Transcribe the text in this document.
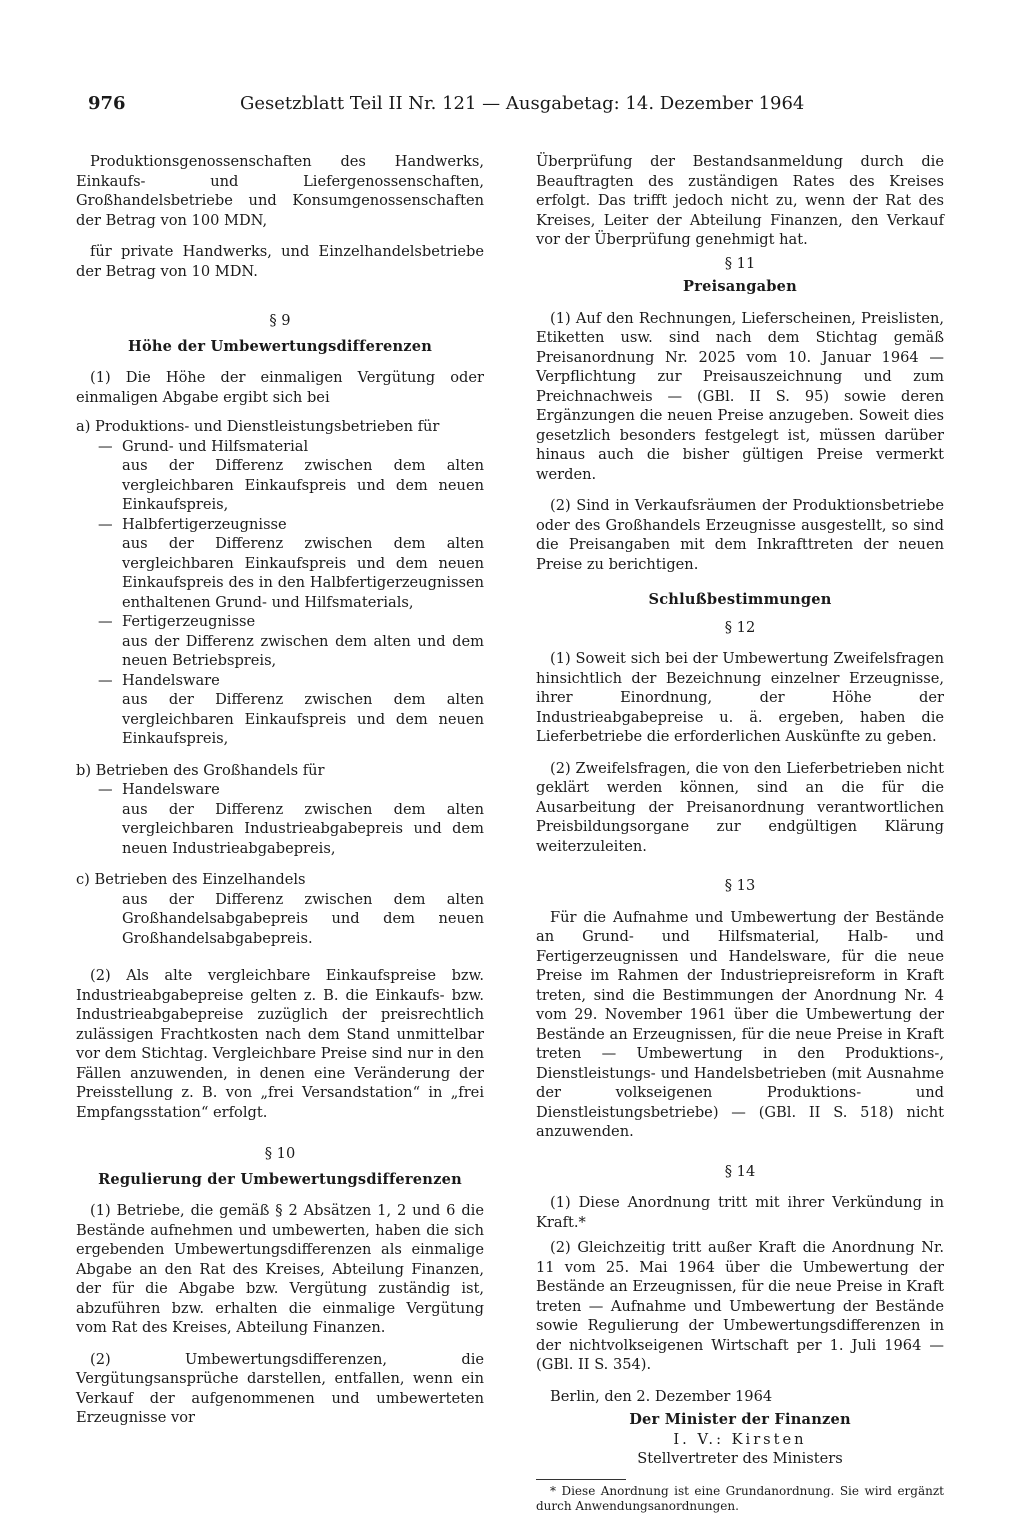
976	Gesetzblatt Teil II Nr. 121 — Ausgabetag: 14. Dezember 1964

Produktionsgenossenschaften des Handwerks, Einkaufs- und Liefergenossenschaften, Großhandelsbetriebe und Konsumgenossenschaften der Betrag von 100 MDN,

für private Handwerks, und Einzelhandelsbetriebe der Betrag von 10 MDN.

§ 9

Höhe der Umbewertungsdifferenzen

(1) Die Höhe der einmaligen Vergütung oder einmaligen Abgabe ergibt sich bei

a) Produktions- und Dienstleistungsbetrieben für
— Grund- und Hilfsmaterial
aus der Differenz zwischen dem alten vergleichbaren Einkaufspreis und dem neuen Einkaufspreis,
— Halbfertigerzeugnisse
aus der Differenz zwischen dem alten vergleichbaren Einkaufspreis und dem neuen Einkaufspreis des in den Halbfertigerzeugnissen enthaltenen Grund- und Hilfsmaterials,
— Fertigerzeugnisse
aus der Differenz zwischen dem alten und dem neuen Betriebspreis,
— Handelsware
aus der Differenz zwischen dem alten vergleichbaren Einkaufspreis und dem neuen Einkaufspreis,
b) Betrieben des Großhandels für
— Handelsware
aus der Differenz zwischen dem alten vergleichbaren Industrieabgabepreis und dem neuen Industrieabgabepreis,
c) Betrieben des Einzelhandels

aus der Differenz zwischen dem alten Großhandelsabgabepreis und dem neuen Großhandelsabgabepreis.

(2) Als alte vergleichbare Einkaufspreise bzw. Industrieabgabepreise gelten z. B. die Einkaufs- bzw. Industrieabgabepreise zuzüglich der preisrechtlich zulässigen Frachtkosten nach dem Stand unmittelbar vor dem Stichtag. Vergleichbare Preise sind nur in den Fällen anzuwenden, in denen eine Veränderung der Preisstellung z. B. von „frei Versandstation“ in „frei Empfangsstation“ erfolgt.

§ 10

Regulierung der Umbewertungsdifferenzen

(1) Betriebe, die gemäß § 2 Absätzen 1, 2 und 6 die Bestände aufnehmen und umbewerten, haben die sich ergebenden Umbewertungsdifferenzen als einmalige Abgabe an den Rat des Kreises, Abteilung Finanzen, der für die Abgabe bzw. Vergütung zuständig ist, abzuführen bzw. erhalten die einmalige Vergütung vom Rat des Kreises, Abteilung Finanzen.

(2) Umbewertungsdifferenzen, die Vergütungsansprüche darstellen, entfallen, wenn ein Verkauf der aufgenommenen und umbewerteten Erzeugnisse vor

Überprüfung der Bestandsanmeldung durch die Beauftragten des zuständigen Rates des Kreises erfolgt. Das trifft jedoch nicht zu, wenn der Rat des Kreises, Leiter der Abteilung Finanzen, den Verkauf vor der Überprüfung genehmigt hat.

§ 11

Preisangaben

(1) Auf den Rechnungen, Lieferscheinen, Preislisten, Etiketten usw. sind nach dem Stichtag gemäß Preisanordnung Nr. 2025 vom 10. Januar 1964 — Verpflichtung zur Preisauszeichnung und zum Preichnachweis — (GBl. II S. 95) sowie deren Ergänzungen die neuen Preise anzugeben. Soweit dies gesetzlich besonders festgelegt ist, müssen darüber hinaus auch die bisher gültigen Preise vermerkt werden.

(2) Sind in Verkaufsräumen der Produktionsbetriebe oder des Großhandels Erzeugnisse ausgestellt, so sind die Preisangaben mit dem Inkrafttreten der neuen Preise zu berichtigen.

Schlußbestimmungen

§ 12

(1) Soweit sich bei der Umbewertung Zweifelsfragen hinsichtlich der Bezeichnung einzelner Erzeugnisse, ihrer Einordnung, der Höhe der Industrieabgabepreise u. ä. ergeben, haben die Lieferbetriebe die erforderlichen Auskünfte zu geben.

(2) Zweifelsfragen, die von den Lieferbetrieben nicht geklärt werden können, sind an die für die Ausarbeitung der Preisanordnung verantwortlichen Preisbildungsorgane zur endgültigen Klärung weiterzuleiten.

§ 13

Für die Aufnahme und Umbewertung der Bestände an Grund- und Hilfsmaterial, Halb- und Fertigerzeugnissen und Handelsware, für die neue Preise im Rahmen der Industriepreisreform in Kraft treten, sind die Bestimmungen der Anordnung Nr. 4 vom 29. November 1961 über die Umbewertung der Bestände an Erzeugnissen, für die neue Preise in Kraft treten — Umbewertung in den Produktions-, Dienstleistungs- und Handelsbetrieben (mit Ausnahme der volkseigenen Produktions- und Dienstleistungsbetriebe) — (GBl. II S. 518) nicht anzuwenden.

§ 14

(1) Diese Anordnung tritt mit ihrer Verkündung in Kraft.*

(2) Gleichzeitig tritt außer Kraft die Anordnung Nr. 11 vom 25. Mai 1964 über die Umbewertung der Bestände an Erzeugnissen, für die neue Preise in Kraft treten — Aufnahme und Umbewertung der Bestände sowie Regulierung der Umbewertungsdifferenzen in der nichtvolkseigenen Wirtschaft per 1. Juli 1964 — (GBl. II S. 354).

Berlin, den 2. Dezember 1964

Der Minister der Finanzen

I. V.: Kirsten

Stellvertreter des Ministers

* Diese Anordnung ist eine Grundanordnung. Sie wird ergänzt durch Anwendungsanordnungen.
